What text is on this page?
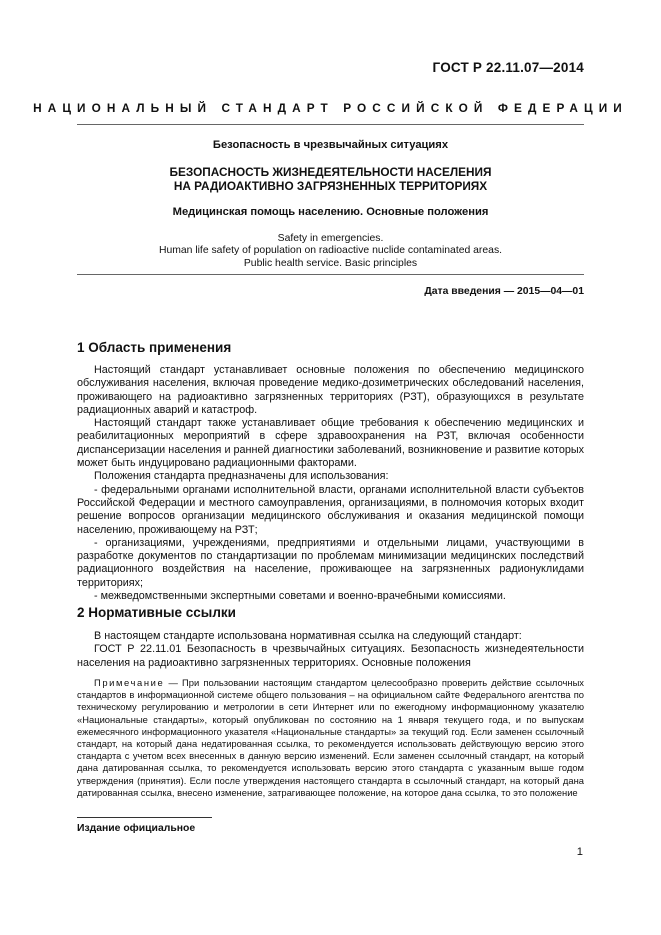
ГОСТ Р 22.11.07—2014
НАЦИОНАЛЬНЫЙ СТАНДАРТ РОССИЙСКОЙ ФЕДЕРАЦИИ
Безопасность в чрезвычайных ситуациях
БЕЗОПАСНОСТЬ ЖИЗНЕДЕЯТЕЛЬНОСТИ НАСЕЛЕНИЯ
НА РАДИОАКТИВНО ЗАГРЯЗНЕННЫХ ТЕРРИТОРИЯХ
Медицинская помощь населению. Основные положения
Safety in emergencies.
Human life safety of population on radioactive nuclide contaminated areas.
Public health service. Basic principles
Дата введения — 2015—04—01
1 Область применения

Настоящий стандарт устанавливает основные положения по обеспечению медицинского обслуживания населения, включая проведение медико-дозиметрических обследований населения, проживающего на радиоактивно загрязненных территориях (РЗТ), образующихся в результате радиационных аварий и катастроф.

Настоящий стандарт также устанавливает общие требования к обеспечению медицинских и реабилитационных мероприятий в сфере здравоохранения на РЗТ, включая особенности диспансеризации населения и ранней диагностики заболеваний, возникновение и развитие которых может быть индуцировано радиационными факторами.

Положения стандарта предназначены для использования:

- федеральными органами исполнительной власти, органами исполнительной власти субъектов Российской Федерации и местного самоуправления, организациями, в полномочия которых входит решение вопросов организации медицинского обслуживания и оказания медицинской помощи населению, проживающему на РЗТ;

- организациями, учреждениями, предприятиями и отдельными лицами, участвующими в разработке документов по стандартизации по проблемам минимизации медицинских последствий радиационного воздействия на население, проживающее на загрязненных радионуклидами территориях;

- межведомственными экспертными советами и военно-врачебными комиссиями.

2 Нормативные ссылки

В настоящем стандарте использована нормативная ссылка на следующий стандарт:

ГОСТ Р 22.11.01 Безопасность в чрезвычайных ситуациях. Безопасность жизнедеятельности населения на радиоактивно загрязненных территориях. Основные положения

Примечание — При пользовании настоящим стандартом целесообразно проверить действие ссылочных стандартов в информационной системе общего пользования – на официальном сайте Федерального агентства по техническому регулированию и метрологии в сети Интернет или по ежегодному информационному указателю «Национальные стандарты», который опубликован по состоянию на 1 января текущего года, и по выпускам ежемесячного информационного указателя «Национальные стандарты» за текущий год. Если заменен ссылочный стандарт, на который дана недатированная ссылка, то рекомендуется использовать действующую версию этого стандарта с учетом всех внесенных в данную версию изменений. Если заменен ссылочный стандарт, на который дана датированная ссылка, то рекомендуется использовать версию этого стандарта с указанным выше годом утверждения (принятия). Если после утверждения настоящего стандарта в ссылочный стандарт, на который дана датированная ссылка, внесено изменение, затрагивающее положение, на которое дана ссылка, то это положение
Издание официальное
1
